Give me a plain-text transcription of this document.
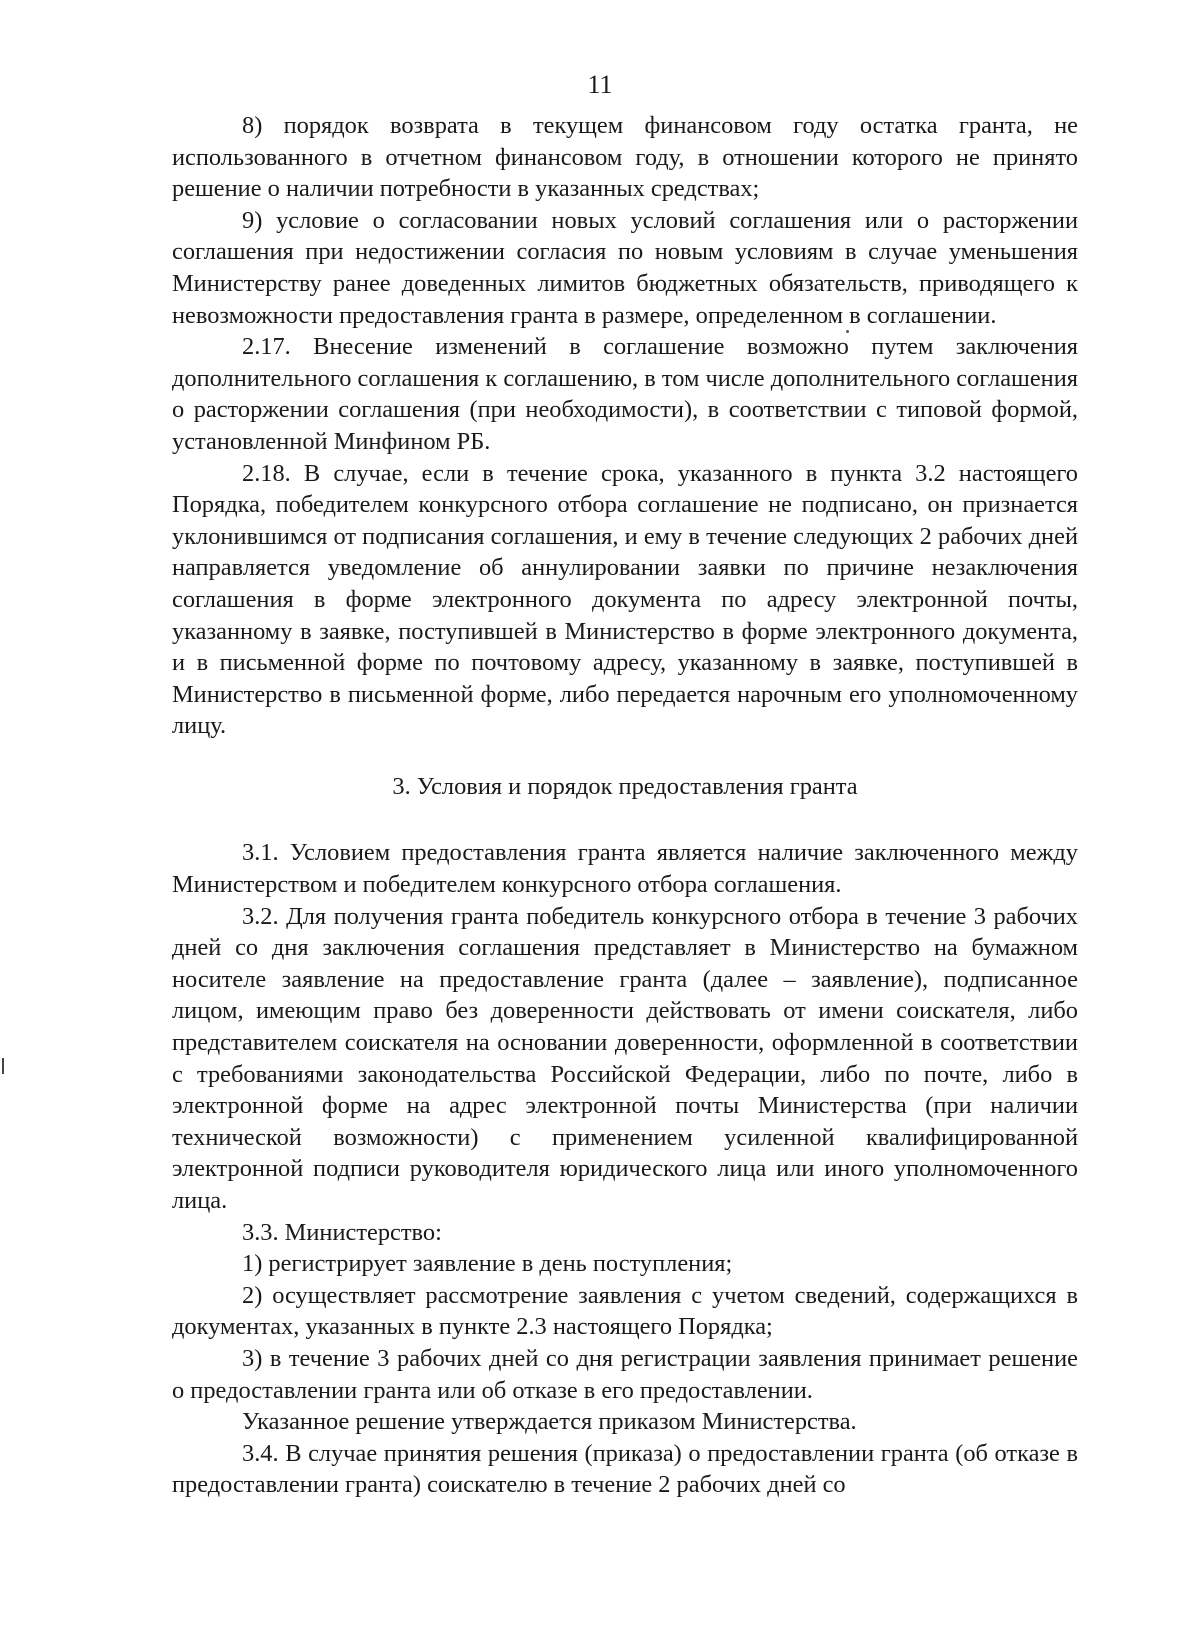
11

8) порядок возврата в текущем финансовом году остатка гранта, не использованного в отчетном финансовом году, в отношении которого не принято решение о наличии потребности в указанных средствах;

9) условие о согласовании новых условий соглашения или о расторжении соглашения при недостижении согласия по новым условиям в случае уменьшения Министерству ранее доведенных лимитов бюджетных обязательств, приводящего к невозможности предоставления гранта в размере, определенном в соглашении.

2.17. Внесение изменений в соглашение возможно путем заключения дополнительного соглашения к соглашению, в том числе дополнительного соглашения о расторжении соглашения (при необходимости), в соответствии с типовой формой, установленной Минфином РБ.

2.18. В случае, если в течение срока, указанного в пункта 3.2 настоящего Порядка, победителем конкурсного отбора соглашение не подписано, он признается уклонившимся от подписания соглашения, и ему в течение следующих 2 рабочих дней направляется уведомление об аннулировании заявки по причине незаключения соглашения в форме электронного документа по адресу электронной почты, указанному в заявке, поступившей в Министерство в форме электронного документа, и в письменной форме по почтовому адресу, указанному в заявке, поступившей в Министерство в письменной форме, либо передается нарочным его уполномоченному лицу.

3. Условия и порядок предоставления гранта

3.1. Условием предоставления гранта является наличие заключенного между Министерством и победителем конкурсного отбора соглашения.

3.2. Для получения гранта победитель конкурсного отбора в течение 3 рабочих дней со дня заключения соглашения представляет в Министерство на бумажном носителе заявление на предоставление гранта (далее – заявление), подписанное лицом, имеющим право без доверенности действовать от имени соискателя, либо представителем соискателя на основании доверенности, оформленной в соответствии с требованиями законодательства Российской Федерации, либо по почте, либо в электронной форме на адрес электронной почты Министерства (при наличии технической возможности) с применением усиленной квалифицированной электронной подписи руководителя юридического лица или иного уполномоченного лица.

3.3. Министерство:

1) регистрирует заявление в день поступления;

2) осуществляет рассмотрение заявления с учетом сведений, содержащихся в документах, указанных в пункте 2.3 настоящего Порядка;

3) в течение 3 рабочих дней со дня регистрации заявления принимает решение о предоставлении гранта или об отказе в его предоставлении.

Указанное решение утверждается приказом Министерства.

3.4. В случае принятия решения (приказа) о предоставлении гранта (об отказе в предоставлении гранта) соискателю в течение 2 рабочих дней со
